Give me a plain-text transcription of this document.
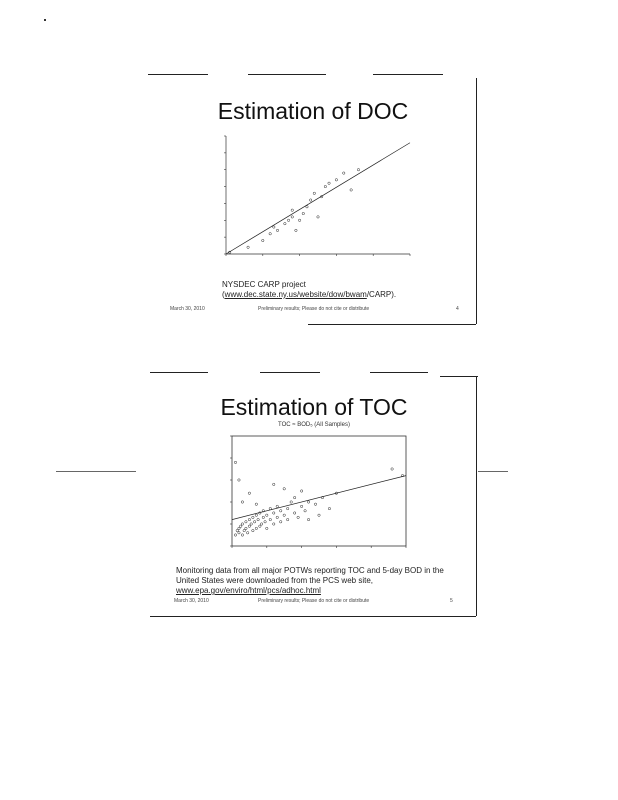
Estimation of DOC
NYSDEC CARP project
(www.dec.state.ny.us/website/dow/bwam/CARP).
March 30, 2010	Preliminary results; Please do not cite or distribute	4
Estimation of TOC
TOC ≈ BOD₅ (All Samples)
Monitoring data from all major POTWs reporting TOC and 5-day BOD in the
United States were downloaded from the PCS web site,
www.epa.gov/enviro/html/pcs/adhoc.html
March 30, 2010	Preliminary results; Please do not cite or distribute	5
